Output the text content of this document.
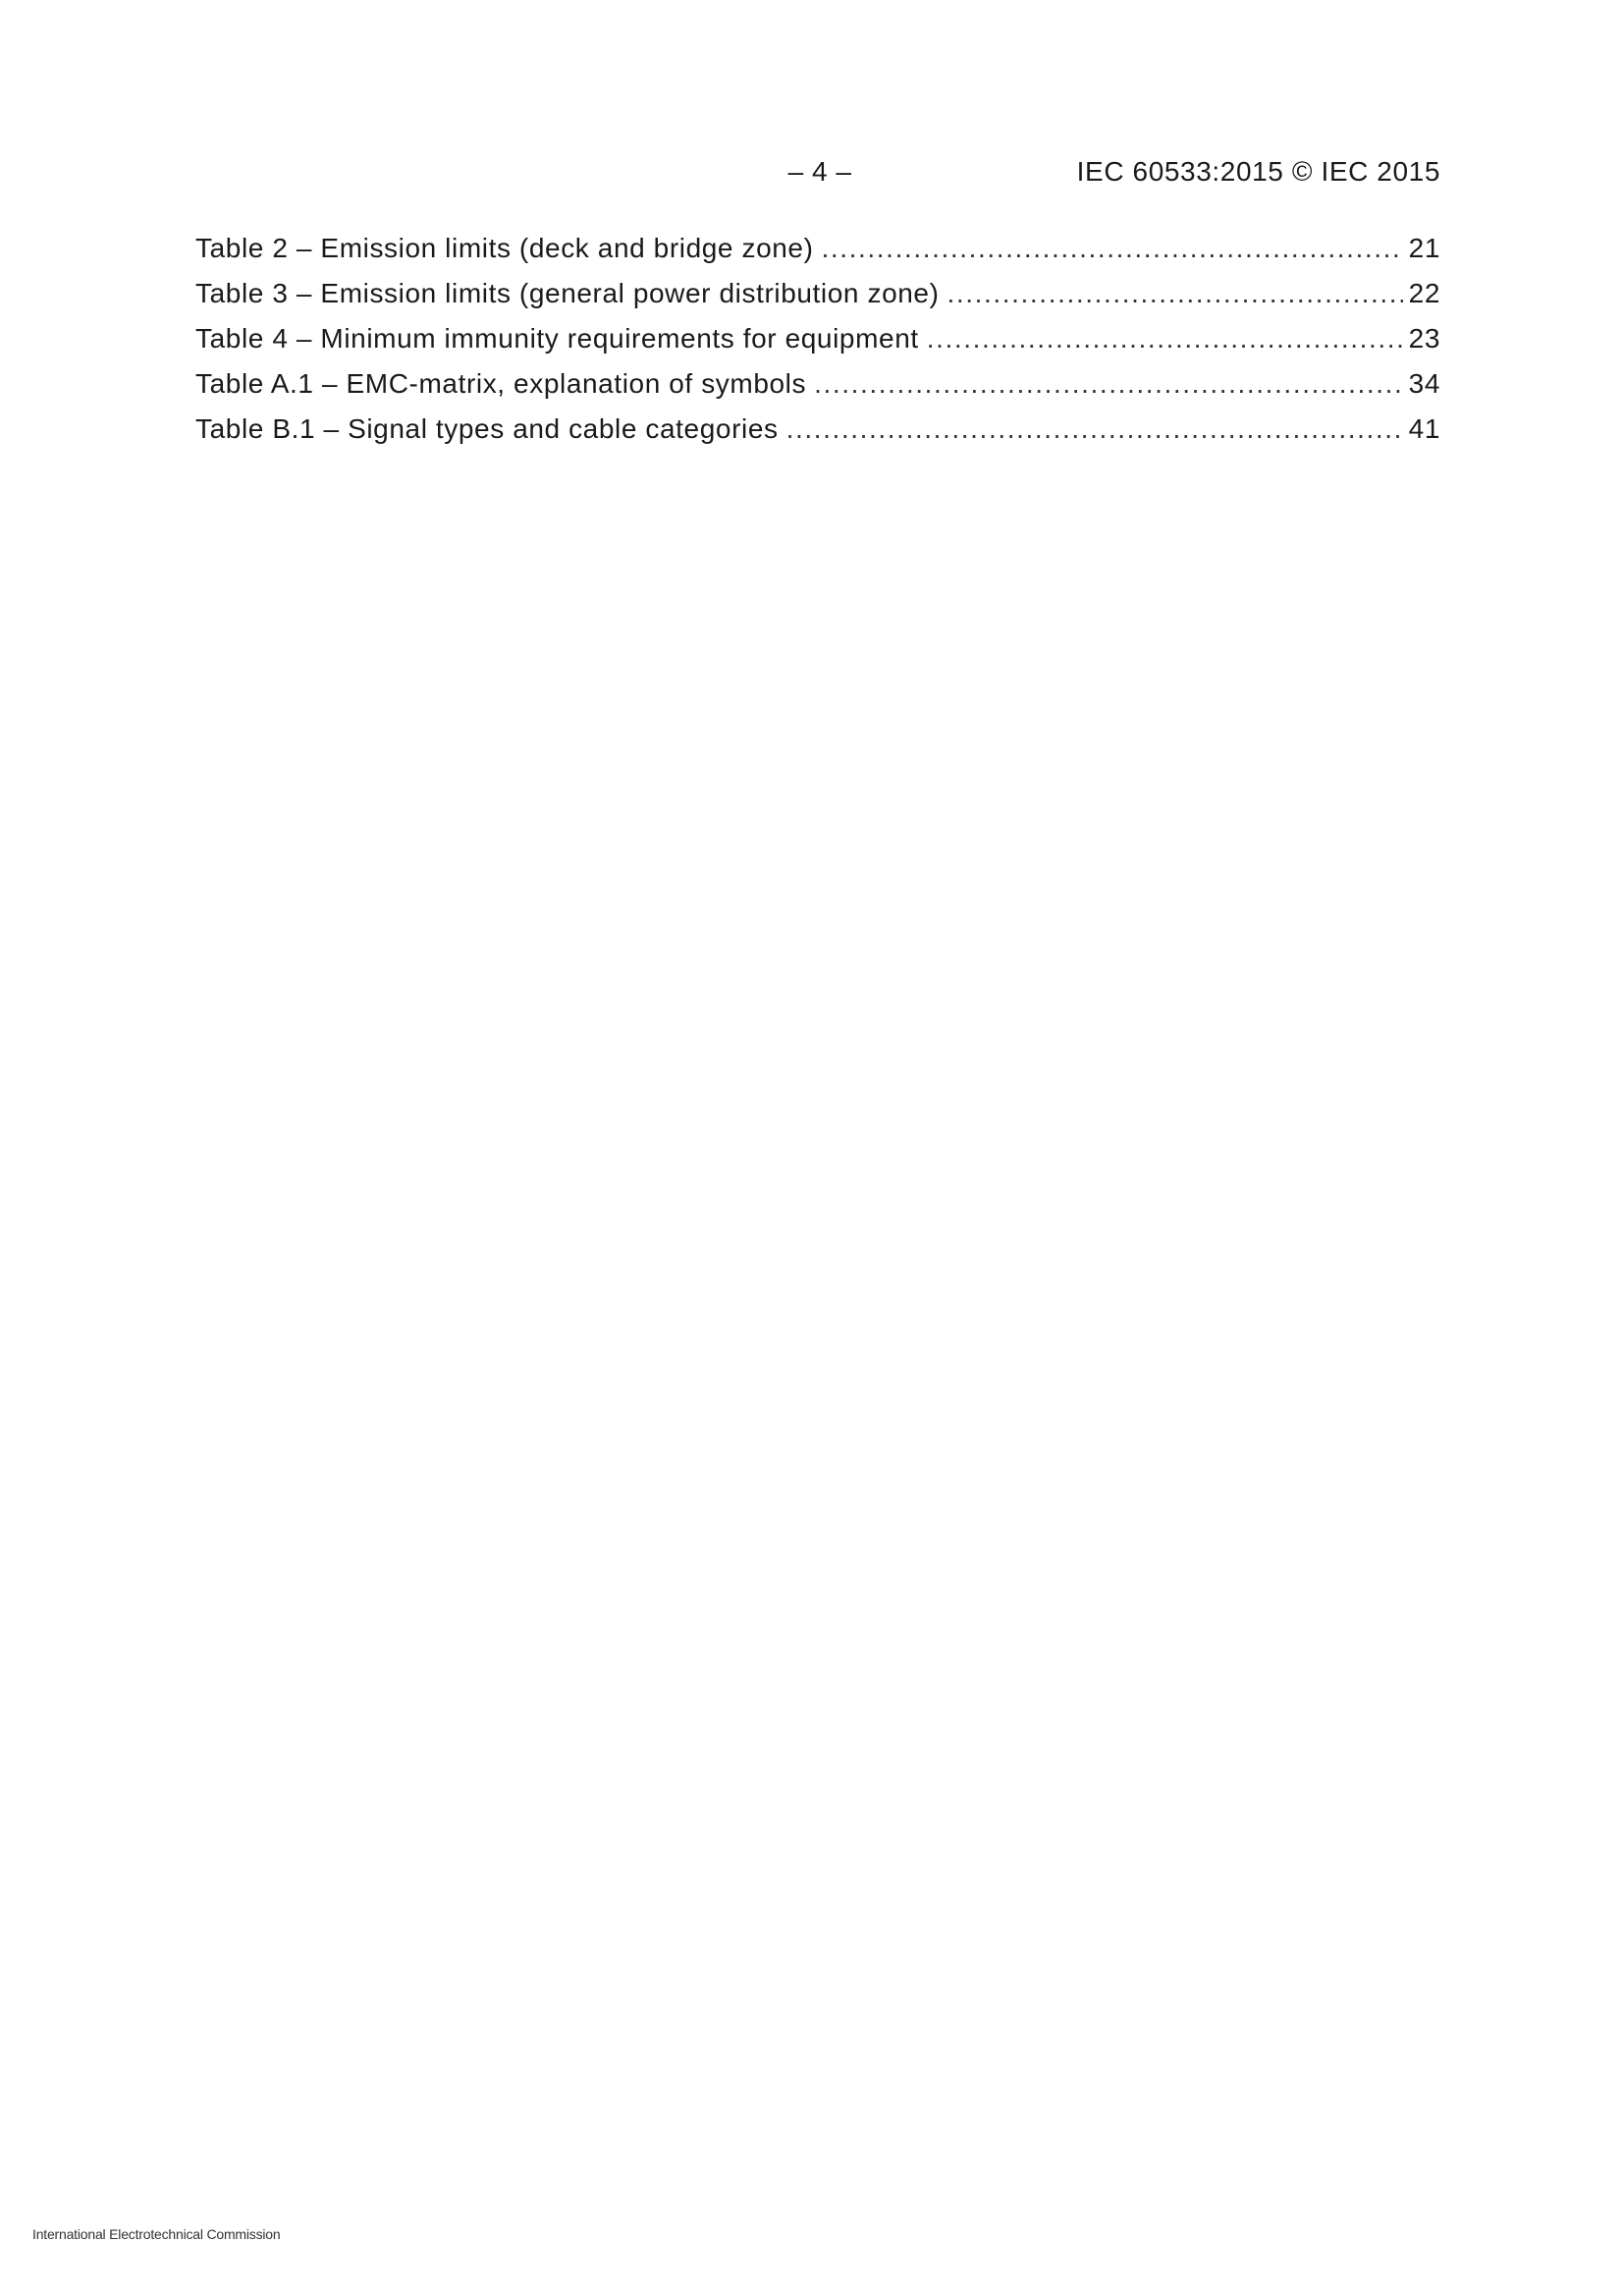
– 4 –	IEC 60533:2015 © IEC 2015
Table 2 – Emission limits (deck and bridge zone) .....	21
Table 3 – Emission limits (general power distribution zone) .....	22
Table 4 – Minimum immunity requirements for equipment .....	23
Table A.1 – EMC-matrix, explanation of symbols .....	34
Table B.1 – Signal types and cable categories .....	41
International Electrotechnical Commission
